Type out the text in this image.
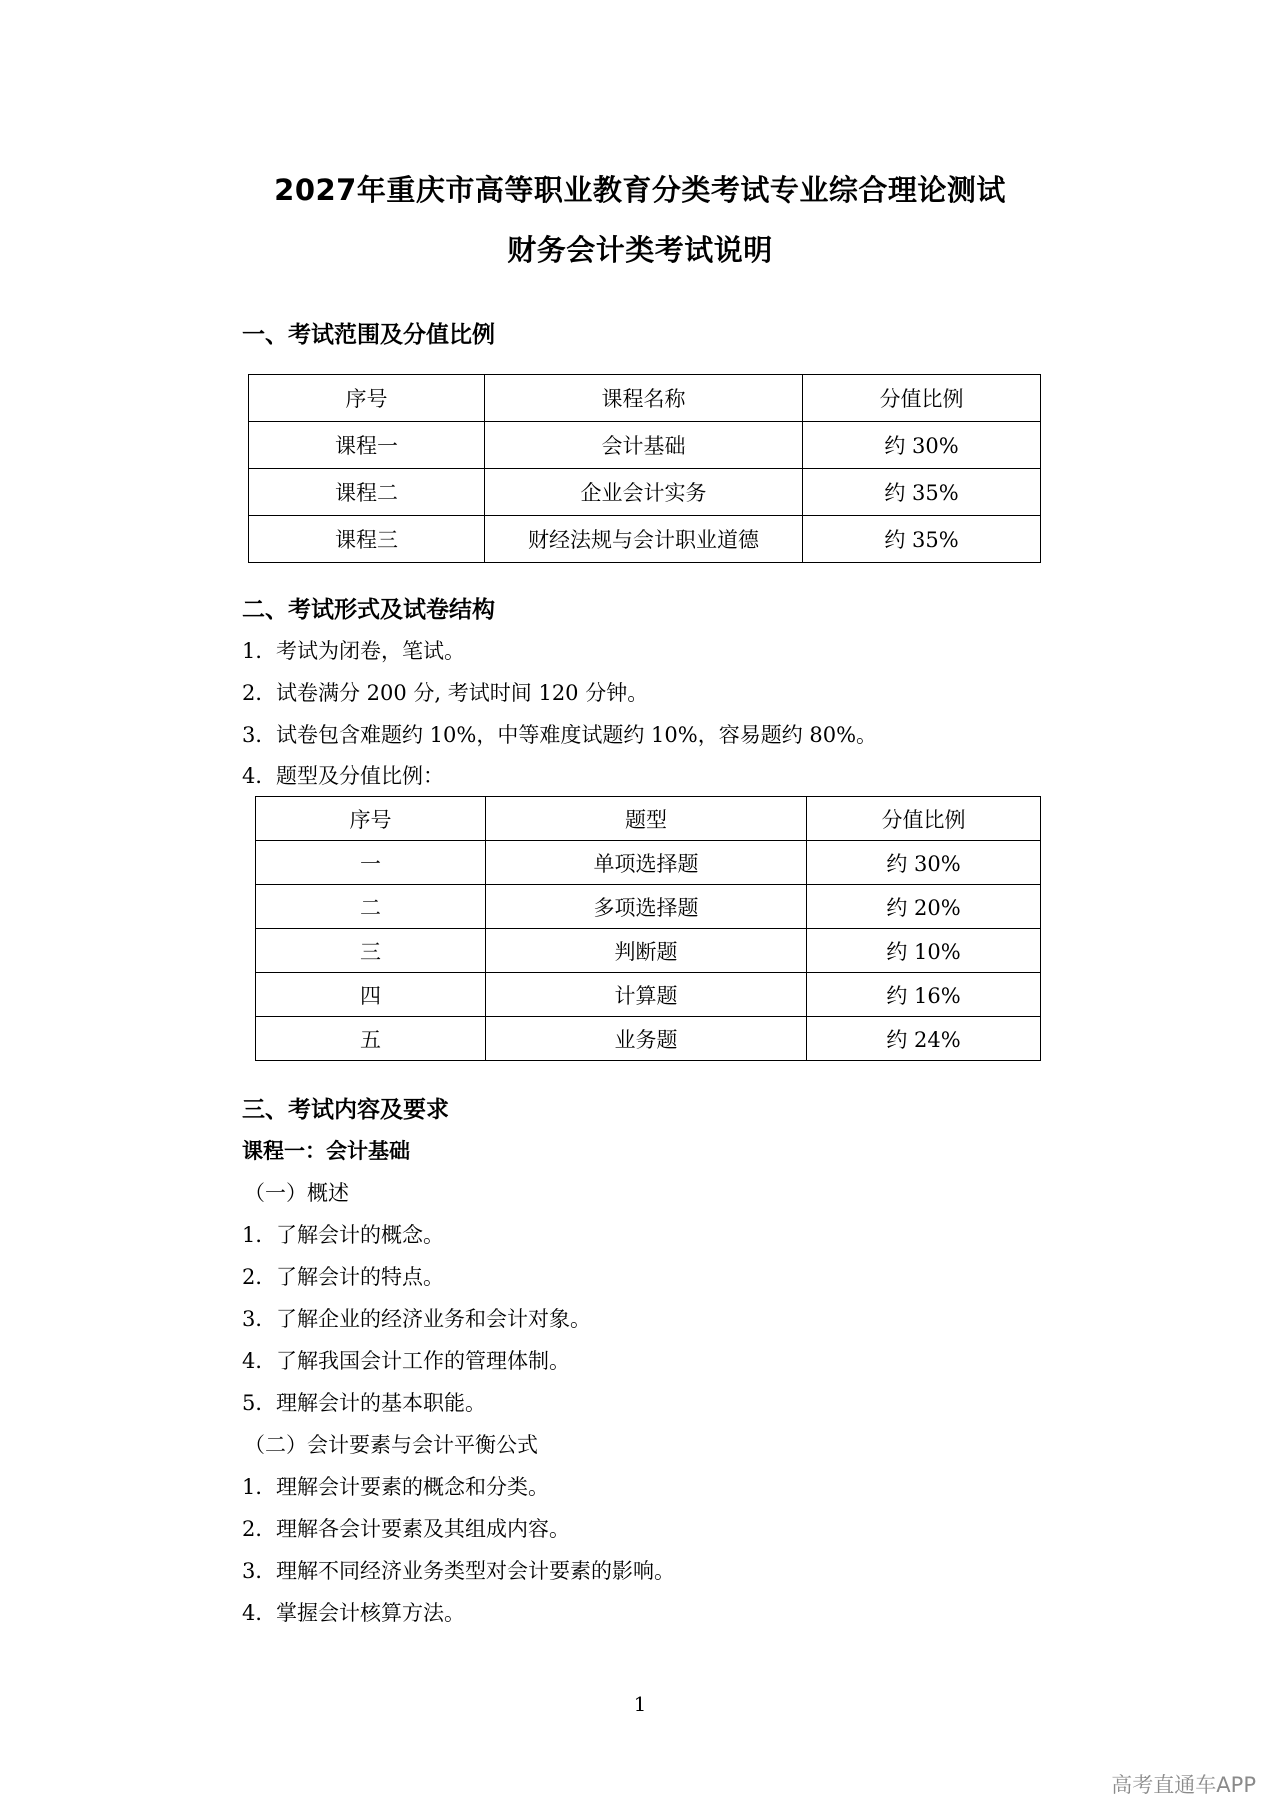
2027年重庆市高等职业教育分类考试专业综合理论测试
财务会计类考试说明
一、考试范围及分值比例
序号	课程名称	分值比例
课程一	会计基础	约 30%
课程二	企业会计实务	约 35%
课程三	财经法规与会计职业道德	约 35%
二、考试形式及试卷结构
1．考试为闭卷，笔试。
2．试卷满分 200 分, 考试时间 120 分钟。
3．试卷包含难题约 10%，中等难度试题约 10%，容易题约 80%。
4．题型及分值比例：
序号	题型	分值比例
一	单项选择题	约 30%
二	多项选择题	约 20%
三	判断题	约 10%
四	计算题	约 16%
五	业务题	约 24%
三、考试内容及要求
课程一：会计基础
（一）概述
1．了解会计的概念。
2．了解会计的特点。
3．了解企业的经济业务和会计对象。
4．了解我国会计工作的管理体制。
5．理解会计的基本职能。
（二）会计要素与会计平衡公式
1．理解会计要素的概念和分类。
2．理解各会计要素及其组成内容。
3．理解不同经济业务类型对会计要素的影响。
4．掌握会计核算方法。
1
高考直通车APP
